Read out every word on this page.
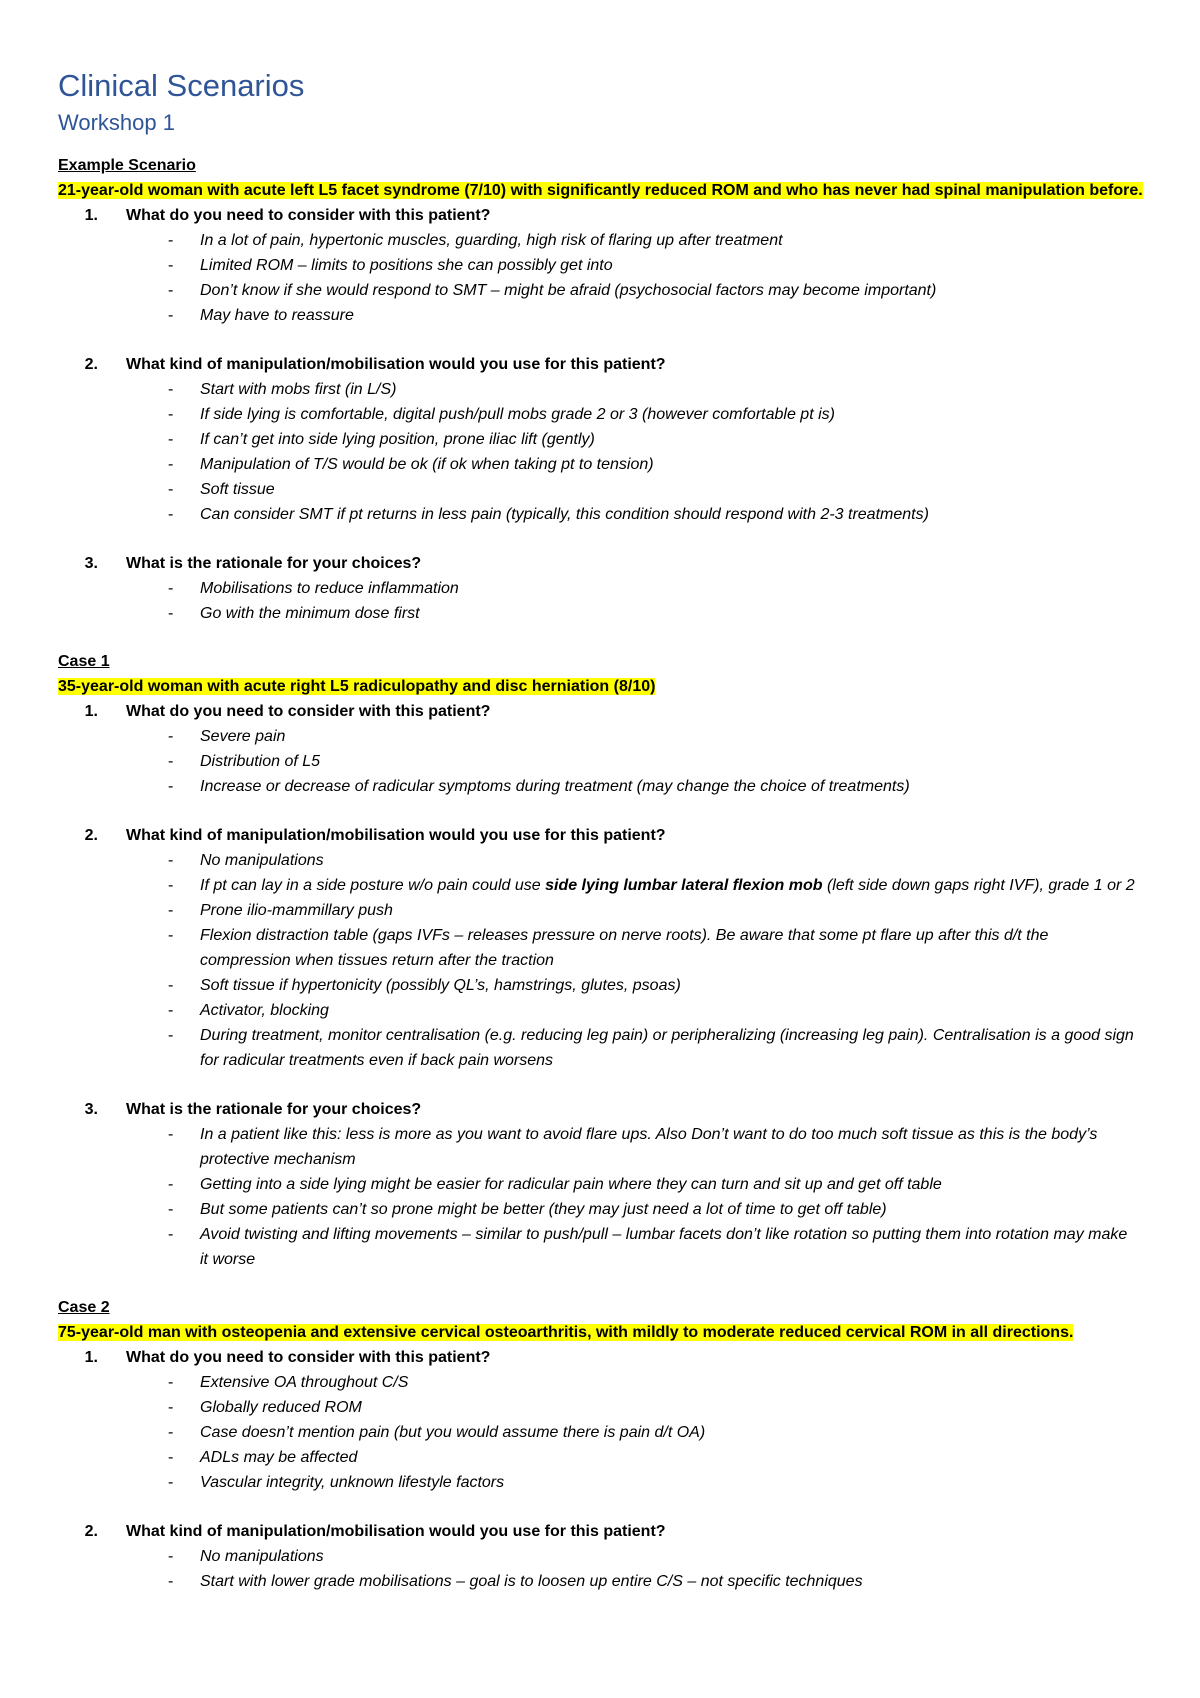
Clinical Scenarios
Workshop 1

Example Scenario

21-year-old woman with acute left L5 facet syndrome (7/10) with significantly reduced ROM and who has never had spinal manipulation before.

1.	What do you need to consider with this patient?
-	In a lot of pain, hypertonic muscles, guarding, high risk of flaring up after treatment
-	Limited ROM – limits to positions she can possibly get into
-	Don’t know if she would respond to SMT – might be afraid (psychosocial factors may become important)
-	May have to reassure
2.	What kind of manipulation/mobilisation would you use for this patient?
-	Start with mobs first (in L/S)
-	If side lying is comfortable, digital push/pull mobs grade 2 or 3 (however comfortable pt is)
-	If can’t get into side lying position, prone iliac lift (gently)
-	Manipulation of T/S would be ok (if ok when taking pt to tension)
-	Soft tissue
-	Can consider SMT if pt returns in less pain (typically, this condition should respond with 2-3 treatments)
3.	What is the rationale for your choices?
-	Mobilisations to reduce inflammation
-	Go with the minimum dose first

Case 1

35-year-old woman with acute right L5 radiculopathy and disc herniation (8/10)

1.	What do you need to consider with this patient?
-	Severe pain
-	Distribution of L5
-	Increase or decrease of radicular symptoms during treatment (may change the choice of treatments)
2.	What kind of manipulation/mobilisation would you use for this patient?
-	No manipulations
-	If pt can lay in a side posture w/o pain could use side lying lumbar lateral flexion mob (left side down gaps right IVF), grade 1 or 2
-	Prone ilio-mammillary push
-	Flexion distraction table (gaps IVFs – releases pressure on nerve roots). Be aware that some pt flare up after this d/t the compression when tissues return after the traction
-	Soft tissue if hypertonicity (possibly QL’s, hamstrings, glutes, psoas)
-	Activator, blocking
-	During treatment, monitor centralisation (e.g. reducing leg pain) or peripheralizing (increasing leg pain). Centralisation is a good sign for radicular treatments even if back pain worsens
3.	What is the rationale for your choices?
-	In a patient like this: less is more as you want to avoid flare ups. Also Don’t want to do too much soft tissue as this is the body’s protective mechanism
-	Getting into a side lying might be easier for radicular pain where they can turn and sit up and get off table
-	But some patients can’t so prone might be better (they may just need a lot of time to get off table)
-	Avoid twisting and lifting movements – similar to push/pull – lumbar facets don’t like rotation so putting them into rotation may make it worse

Case 2

75-year-old man with osteopenia and extensive cervical osteoarthritis, with mildly to moderate reduced cervical ROM in all directions.

1.	What do you need to consider with this patient?
-	Extensive OA throughout C/S
-	Globally reduced ROM
-	Case doesn’t mention pain (but you would assume there is pain d/t OA)
-	ADLs may be affected
-	Vascular integrity, unknown lifestyle factors
2.	What kind of manipulation/mobilisation would you use for this patient?
-	No manipulations
-	Start with lower grade mobilisations – goal is to loosen up entire C/S – not specific techniques
